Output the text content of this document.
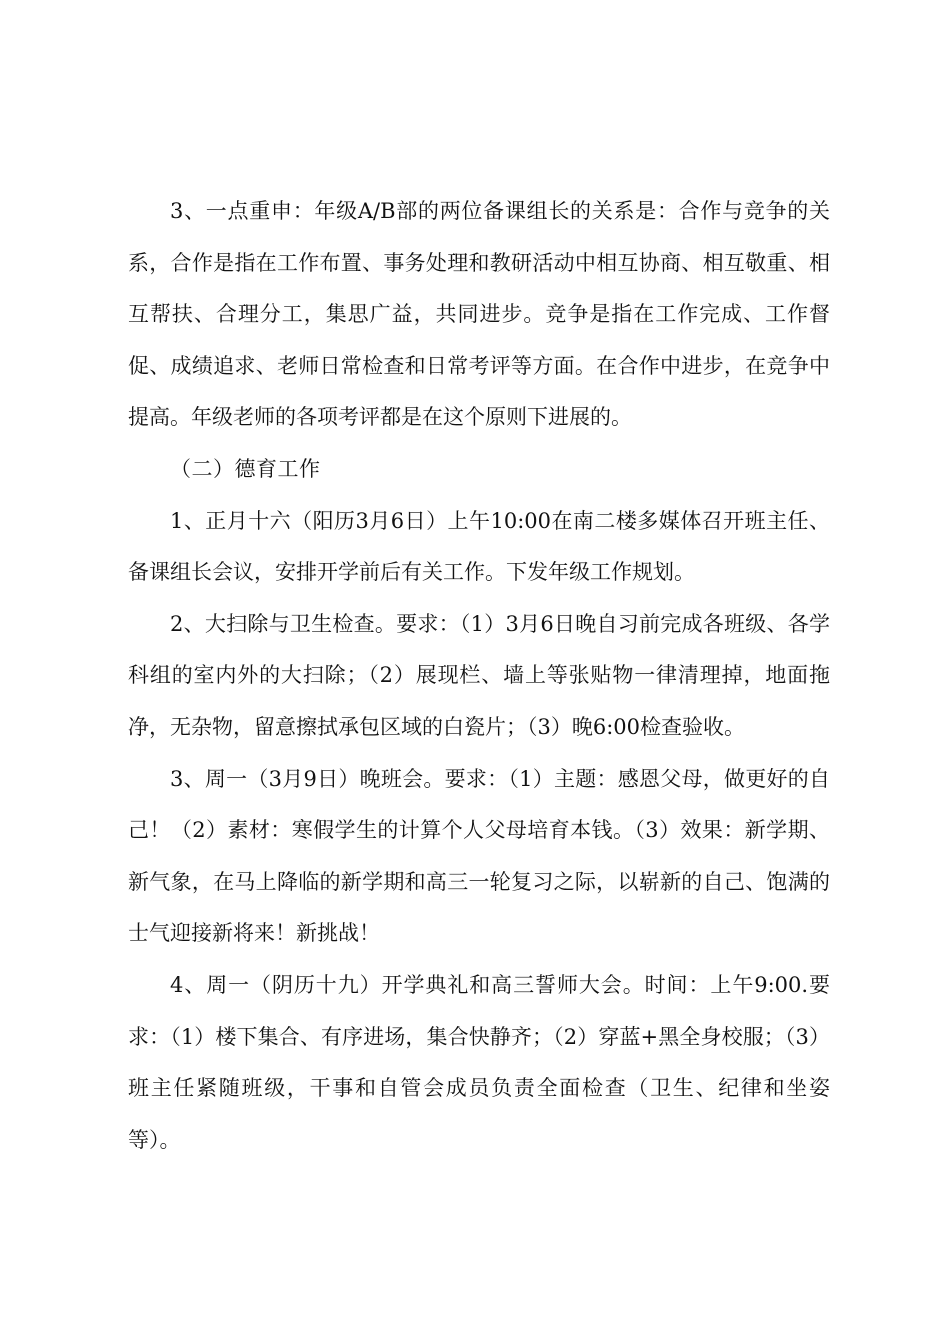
3、一点重申：年级A/B部的两位备课组长的关系是：合作与竞争的关系，合作是指在工作布置、事务处理和教研活动中相互协商、相互敬重、相互帮扶、合理分工，集思广益，共同进步。竞争是指在工作完成、工作督促、成绩追求、老师日常检查和日常考评等方面。在合作中进步，在竞争中提高。年级老师的各项考评都是在这个原则下进展的。

（二）德育工作

1、正月十六（阳历3月6日）上午10:00在南二楼多媒体召开班主任、备课组长会议，安排开学前后有关工作。下发年级工作规划。

2、大扫除与卫生检查。要求：（1）3月6日晚自习前完成各班级、各学科组的室内外的大扫除；（2）展现栏、墙上等张贴物一律清理掉，地面拖净，无杂物，留意擦拭承包区域的白瓷片；（3）晚6:00检查验收。

3、周一（3月9日）晚班会。要求：（1）主题：感恩父母，做更好的自己！（2）素材：寒假学生的计算个人父母培育本钱。（3）效果：新学期、新气象，在马上降临的新学期和高三一轮复习之际，以崭新的自己、饱满的士气迎接新将来！新挑战！

4、周一（阴历十九）开学典礼和高三誓师大会。时间：上午9:00.要求：（1）楼下集合、有序进场，集合快静齐；（2）穿蓝+黑全身校服；（3）班主任紧随班级，干事和自管会成员负责全面检查（卫生、纪律和坐姿等）。
